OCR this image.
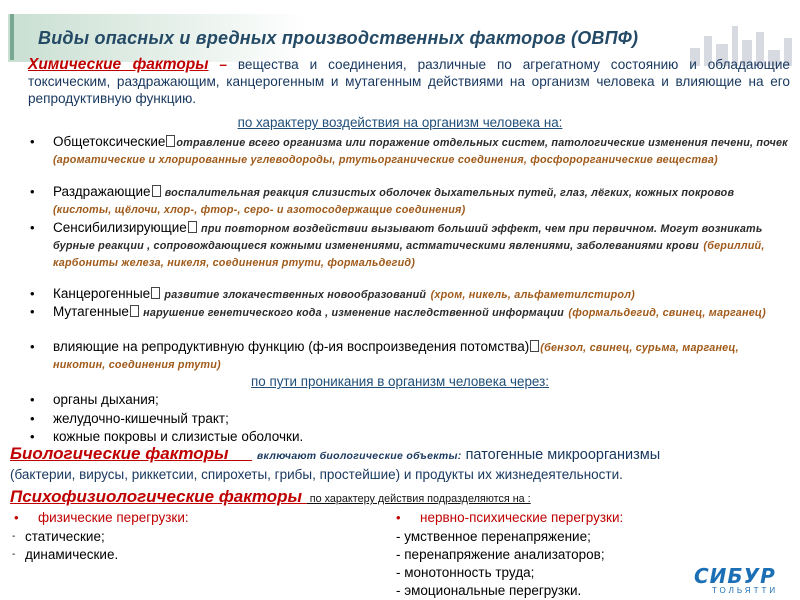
Виды опасных и вредных производственных факторов (ОВПФ)
Химические факторы – вещества и соединения, различные по агрегатному состоянию и обладающие токсическим, раздражающим, канцерогенным и мутагенным действиями на организм человека и влияющие на его репродуктивную функцию.
по характеру воздействия на организм человека на:
• Общетоксические отравление всего организма или поражение отдельных систем, патологические изменения печени, почек (ароматические и хлорированные углеводороды, ртутьорганические соединения, фосфорорганические вещества)
• Раздражающие воспалительная реакция слизистых оболочек дыхательных путей, глаз, лёгких, кожных покровов (кислоты, щёлочи, хлор-, фтор-, серо- и азотосодержащие соединения)
• Сенсибилизирующие при повторном воздействии вызывают больший эффект, чем при первичном. Могут возникать бурные реакции , сопровождающиеся кожными изменениями, астматическими явлениями, заболеваниями крови (бериллий, карбониты железа, никеля, соединения ртути, формальдегид)
• Канцерогенные развитие злокачественных новообразований (хром, никель, альфаметилстирол)
• Мутагенные нарушение генетического кода , изменение наследственной информации (формальдегид, свинец, марганец)
• влияющие на репродуктивную функцию (ф-ия воспроизведения потомства) (бензол, свинец, сурьма, марганец, никотин, соединения ртути)
по пути проникания в организм человека через:
• органы дыхания;
• желудочно-кишечный тракт;
• кожные покровы и слизистые оболочки.
Биологические факторы	включают биологические объекты: патогенные микроорганизмы
(бактерии, вирусы, риккетсии, спирохеты, грибы, простейшие) и продукты их жизнедеятельности.
Психофизиологические факторы  по характеру действия подразделяются на :
• физические перегрузки:
- статические;
- динамические.
• нервно-психические перегрузки:
- умственное перенапряжение;
- перенапряжение анализаторов;
- монотонность труда;
- эмоциональные перегрузки.
СИБУР
ТОЛЬЯТТИ
